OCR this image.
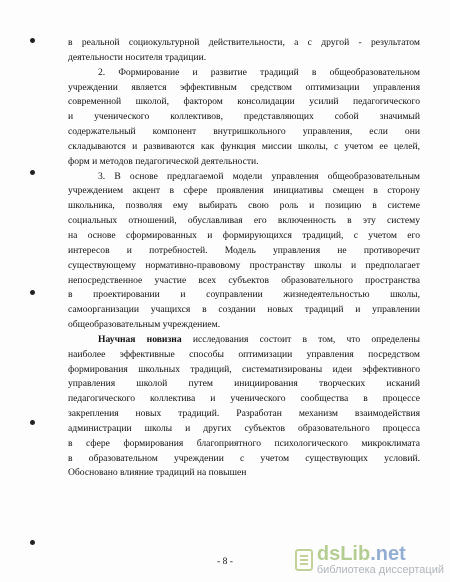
в реальной социокультурной действительности, а с другой - результатом
деятельности носителя традиции.
2. Формирование и развитие традиций в общеобразовательном
учреждении является эффективным средством оптимизации управления
современной школой, фактором консолидации усилий педагогического
и ученического коллективов, представляющих собой значимый
содержательный компонент внутришкольного управления, если они
складываются и развиваются как функция миссии школы, с учетом ее целей,
форм и методов педагогической деятельности.
3. В основе предлагаемой модели управления общеобразовательным
учреждением акцент в сфере проявления инициативы смещен в сторону
школьника, позволяя ему выбирать свою роль и позицию в системе
социальных отношений, обуславливая его включенность в эту систему
на основе сформированных и формирующихся традиций, с учетом его
интересов и потребностей. Модель управления не противоречит
существующему нормативно-правовому пространству школы и предполагает
непосредственное участие всех субъектов образовательного пространства
в проектировании и соуправлении жизнедеятельностью школы,
самоорганизации учащихся в создании новых традиций и управлении
общеобразовательным учреждением.
Научная новизна исследования состоит в том, что определены
наиболее эффективные способы оптимизации управления посредством
формирования школьных традиций, систематизированы идеи эффективного
управления школой путем инициирования творческих исканий
педагогического коллектива и ученического сообщества в процессе
закрепления новых традиций. Разработан механизм взаимодействия
администрации школы и других субъектов образовательного процесса
в сфере формирования благоприятного психологического микроклимата
в образовательном учреждении с учетом существующих условий.
Обосновано влияние традиций на повышен
- 8 -	dsLib.net
библиотека диссертаций
